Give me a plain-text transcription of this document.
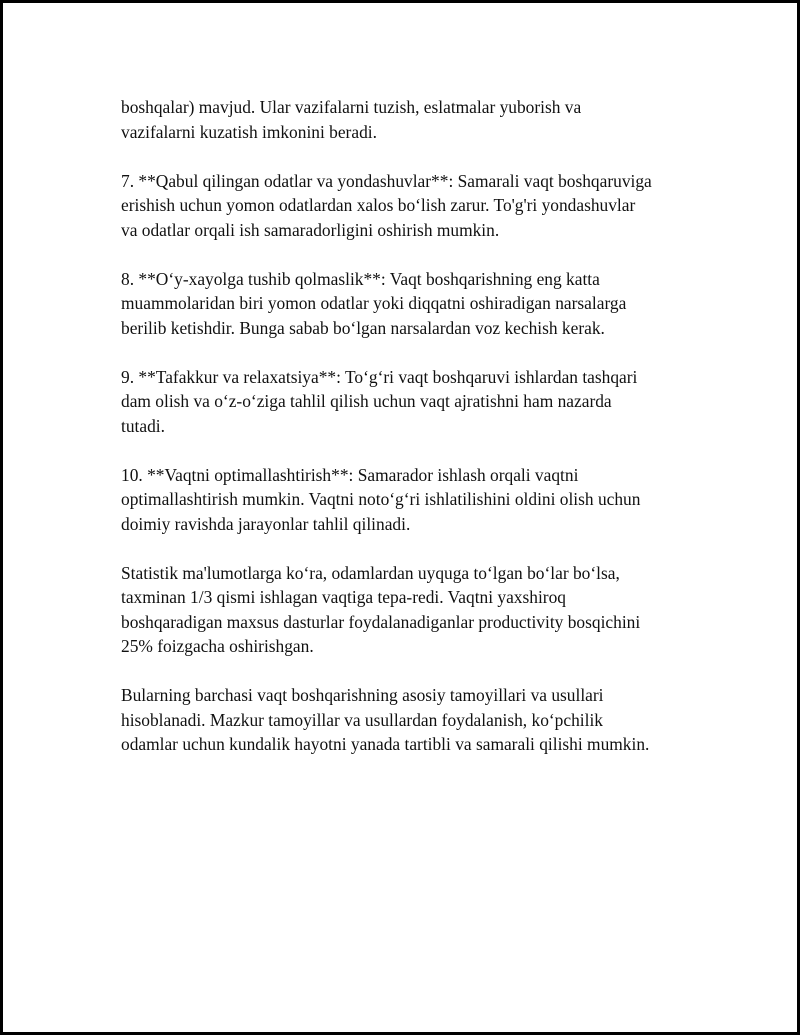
boshqalar) mavjud. Ular vazifalarni tuzish, eslatmalar yuborish va
vazifalarni kuzatish imkonini beradi.

7. **Qabul qilingan odatlar va yondashuvlar**: Samarali vaqt boshqaruviga
erishish uchun yomon odatlardan xalos bo‘lish zarur. To'g'ri yondashuvlar
va odatlar orqali ish samaradorligini oshirish mumkin.

8. **O‘y-xayolga tushib qolmaslik**: Vaqt boshqarishning eng katta
muammolaridan biri yomon odatlar yoki diqqatni oshiradigan narsalarga
berilib ketishdir. Bunga sabab bo‘lgan narsalardan voz kechish kerak.

9. **Tafakkur va relaxatsiya**: To‘g‘ri vaqt boshqaruvi ishlardan tashqari
dam olish va o‘z-o‘ziga tahlil qilish uchun vaqt ajratishni ham nazarda
tutadi.

10. **Vaqtni optimallashtirish**: Samarador ishlash orqali vaqtni
optimallashtirish mumkin. Vaqtni noto‘g‘ri ishlatilishini oldini olish uchun
doimiy ravishda jarayonlar tahlil qilinadi.

Statistik ma'lumotlarga ko‘ra, odamlardan uyquga to‘lgan bo‘lar bo‘lsa,
taxminan 1/3 qismi ishlagan vaqtiga tepa-redi. Vaqtni yaxshiroq
boshqaradigan maxsus dasturlar foydalanadiganlar productivity bosqichini
25% foizgacha oshirishgan.

Bularning barchasi vaqt boshqarishning asosiy tamoyillari va usullari
hisoblanadi. Mazkur tamoyillar va usullardan foydalanish, ko‘pchilik
odamlar uchun kundalik hayotni yanada tartibli va samarali qilishi mumkin.
